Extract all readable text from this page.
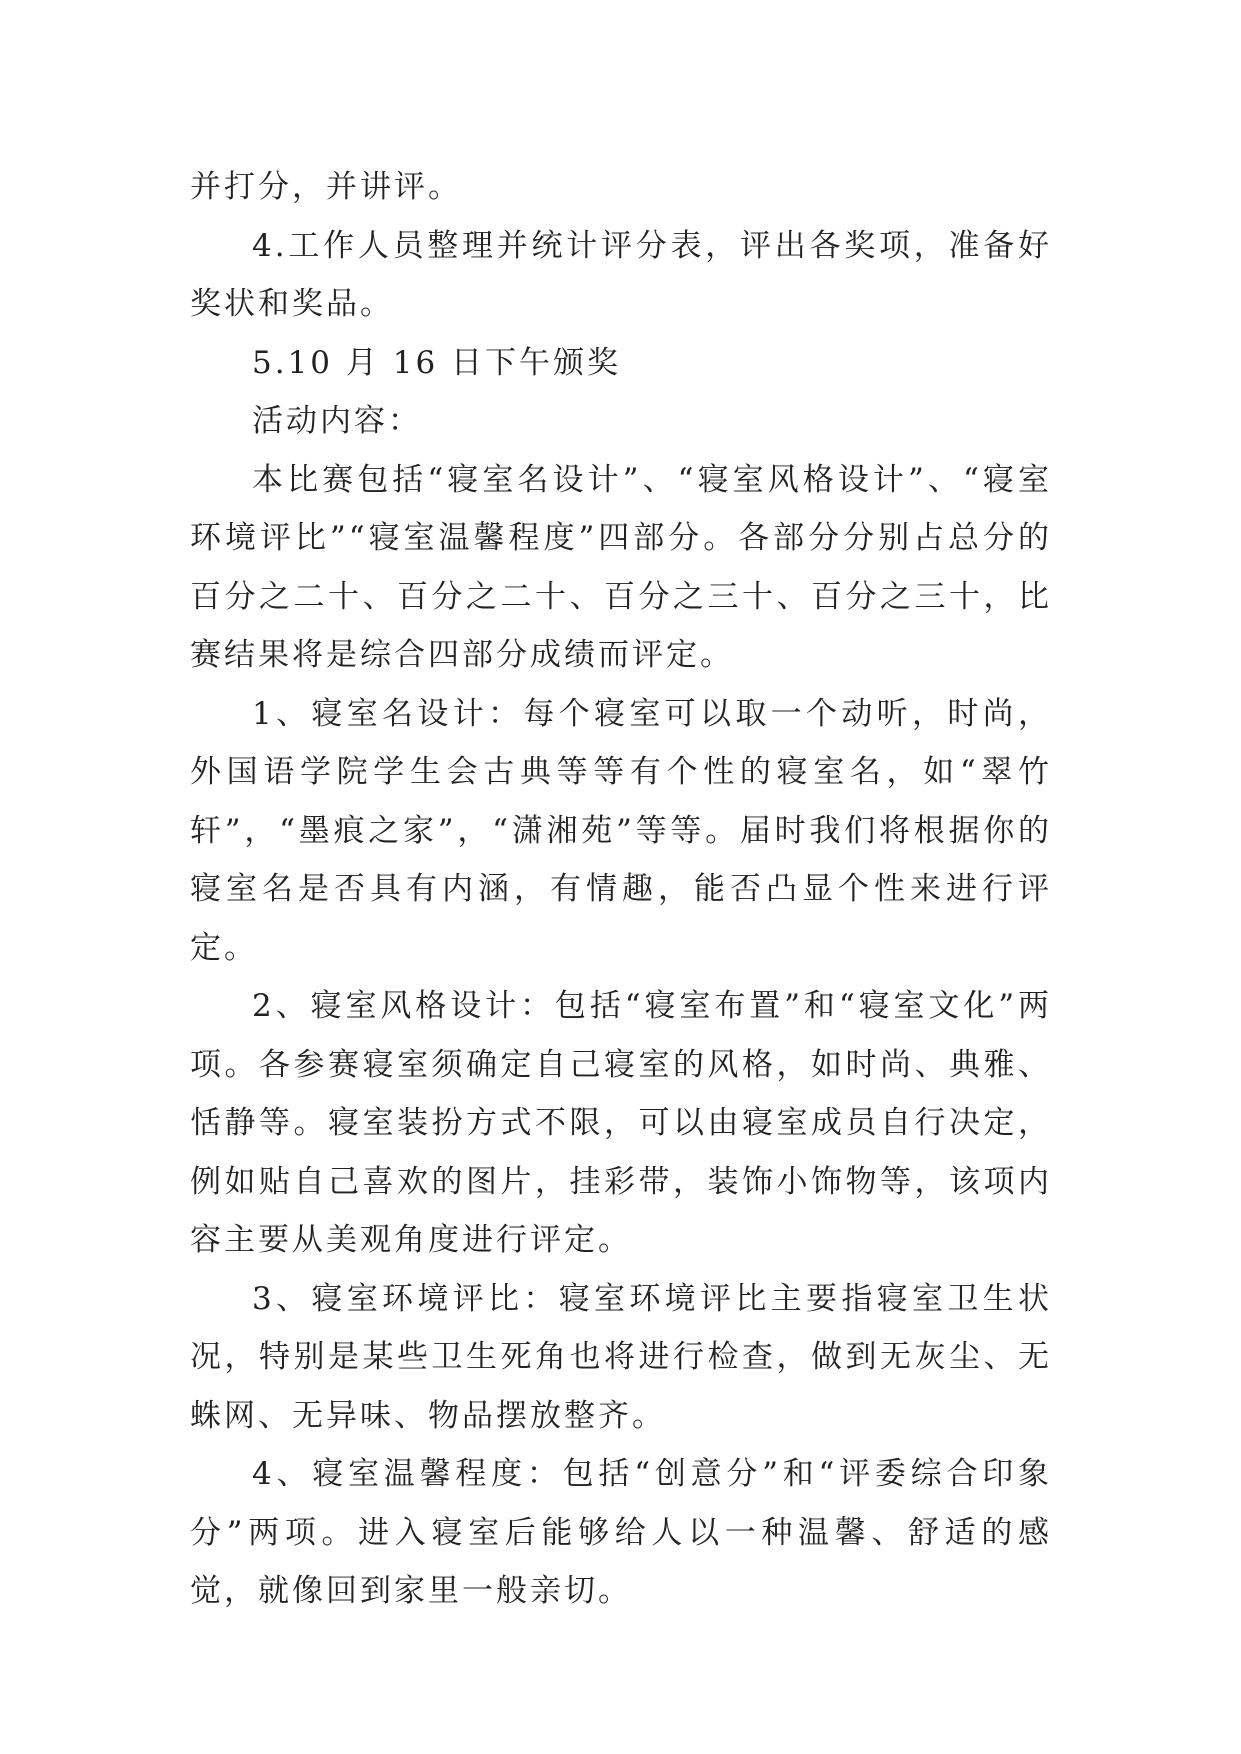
并打分，并讲评。

4.工作人员整理并统计评分表，评出各奖项，准备好奖状和奖品。

5.10 月 16 日下午颁奖

活动内容：

本比赛包括“寝室名设计”、“寝室风格设计”、“寝室环境评比”“寝室温馨程度”四部分。各部分分别占总分的百分之二十、百分之二十、百分之三十、百分之三十，比赛结果将是综合四部分成绩而评定。

1、寝室名设计：每个寝室可以取一个动听，时尚，外国语学院学生会古典等等有个性的寝室名，如“翠竹轩”，“墨痕之家”，“潇湘苑”等等。届时我们将根据你的寝室名是否具有内涵，有情趣，能否凸显个性来进行评定。

2、寝室风格设计：包括“寝室布置”和“寝室文化”两项。各参赛寝室须确定自己寝室的风格，如时尚、典雅、恬静等。寝室装扮方式不限，可以由寝室成员自行决定，例如贴自己喜欢的图片，挂彩带，装饰小饰物等，该项内容主要从美观角度进行评定。

3、寝室环境评比：寝室环境评比主要指寝室卫生状况，特别是某些卫生死角也将进行检查，做到无灰尘、无蛛网、无异味、物品摆放整齐。

4、寝室温馨程度：包括“创意分”和“评委综合印象分”两项。进入寝室后能够给人以一种温馨、舒适的感觉，就像回到家里一般亲切。
